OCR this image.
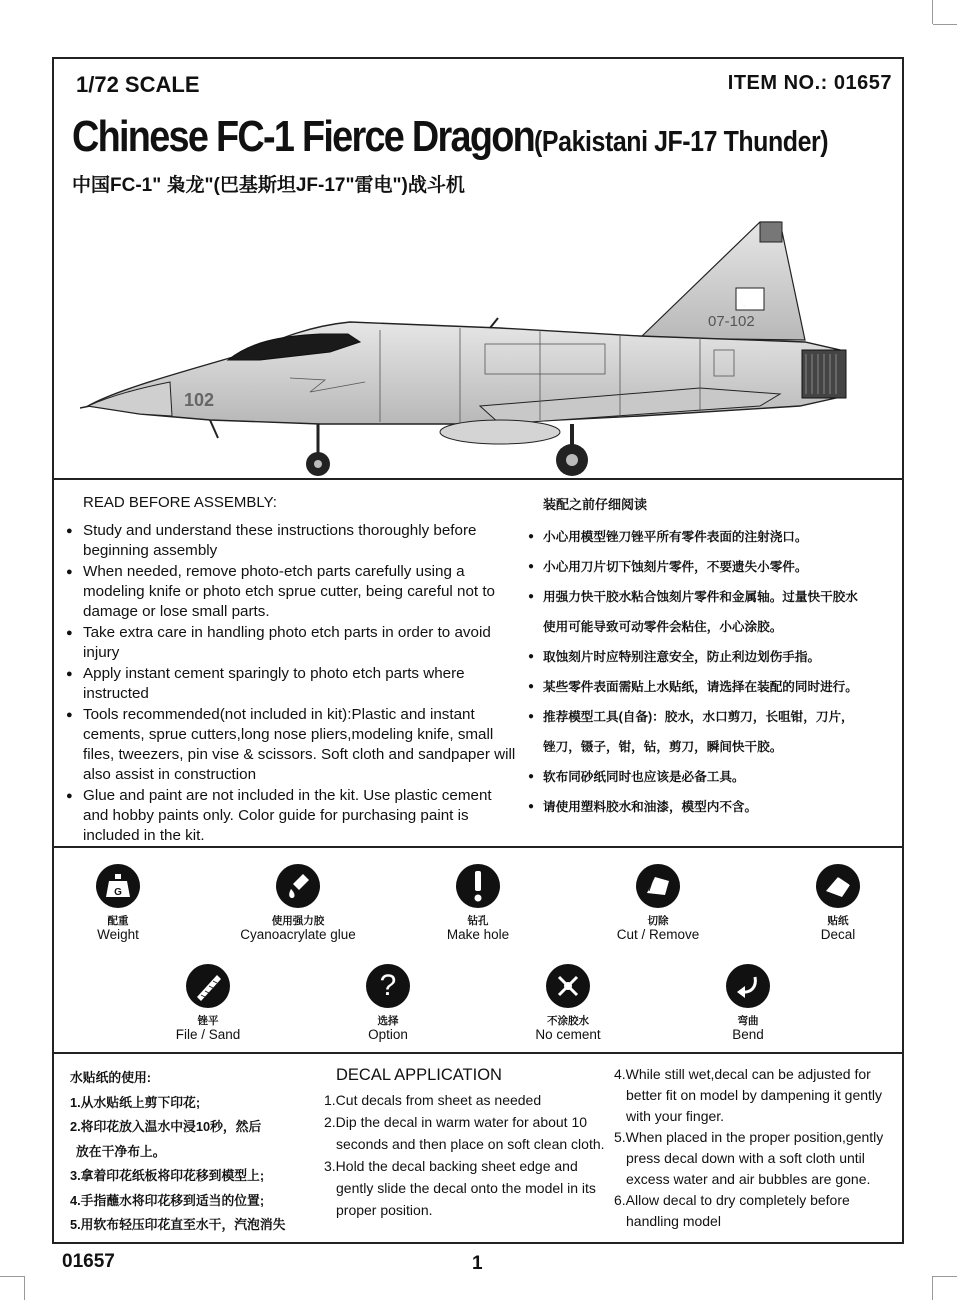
1/72 SCALE	ITEM NO.: 01657
Chinese FC-1 Fierce Dragon(Pakistani JF-17 Thunder)
中国FC-1" 枭龙"(巴基斯坦JF-17"雷电")战斗机
102
07-102
READ BEFORE ASSEMBLY:
● Study and understand these instructions thoroughly before beginning assembly
● When needed, remove photo-etch parts carefully using a modeling knife or photo etch sprue cutter, being careful not to damage or lose small parts.
● Take extra care in handling photo etch parts in order to avoid injury
● Apply instant cement sparingly to photo etch parts where instructed
● Tools recommended(not included in kit):Plastic and instant cements, sprue cutters,long nose pliers,modeling knife, small files, tweezers, pin vise & scissors. Soft cloth and sandpaper will also assist in construction
● Glue and paint are not included in the kit. Use plastic cement and hobby paints only. Color guide for purchasing paint is included in the kit.
装配之前仔细阅读
● 小心用模型锉刀锉平所有零件表面的注射浇口。
● 小心用刀片切下蚀刻片零件，不要遗失小零件。
● 用强力快干胶水粘合蚀刻片零件和金属轴。过量快干胶水
使用可能导致可动零件会粘住，小心涂胶。
● 取蚀刻片时应特别注意安全，防止利边划伤手指。
● 某些零件表面需贴上水贴纸，请选择在装配的同时进行。
● 推荐模型工具(自备)：胶水，水口剪刀，长咀钳，刀片，
锉刀，镊子，钳，钻，剪刀，瞬间快干胶。
● 软布同砂纸同时也应该是必备工具。
● 请使用塑料胶水和油漆，模型内不含。
G
配重
Weight
使用强力胶
Cyanoacrylate glue
钻孔
Make hole
切除
Cut / Remove
贴纸
Decal
锉平
File / Sand
?
选择
Option
不涂胶水
No cement
弯曲
Bend
水贴纸的使用:
1.从水贴纸上剪下印花;
2.将印花放入温水中浸10秒，然后
放在干净布上。
3.拿着印花纸板将印花移到模型上;
4.手指蘸水将印花移到适当的位置;
5.用软布轻压印花直至水干，汽泡消失
DECAL APPLICATION
1.Cut decals from sheet as needed
2.Dip the decal in warm water for about 10
seconds and then place on soft clean cloth.
3.Hold the decal backing sheet edge and
gently slide the decal onto the model in its
proper position.
4.While still wet,decal can be adjusted for
better fit on model by dampening it gently
with your finger.
5.When placed in the proper position,gently
press decal down with a soft cloth until
excess water and air bubbles are gone.
6.Allow decal to dry completely before
handling model
01657	1
